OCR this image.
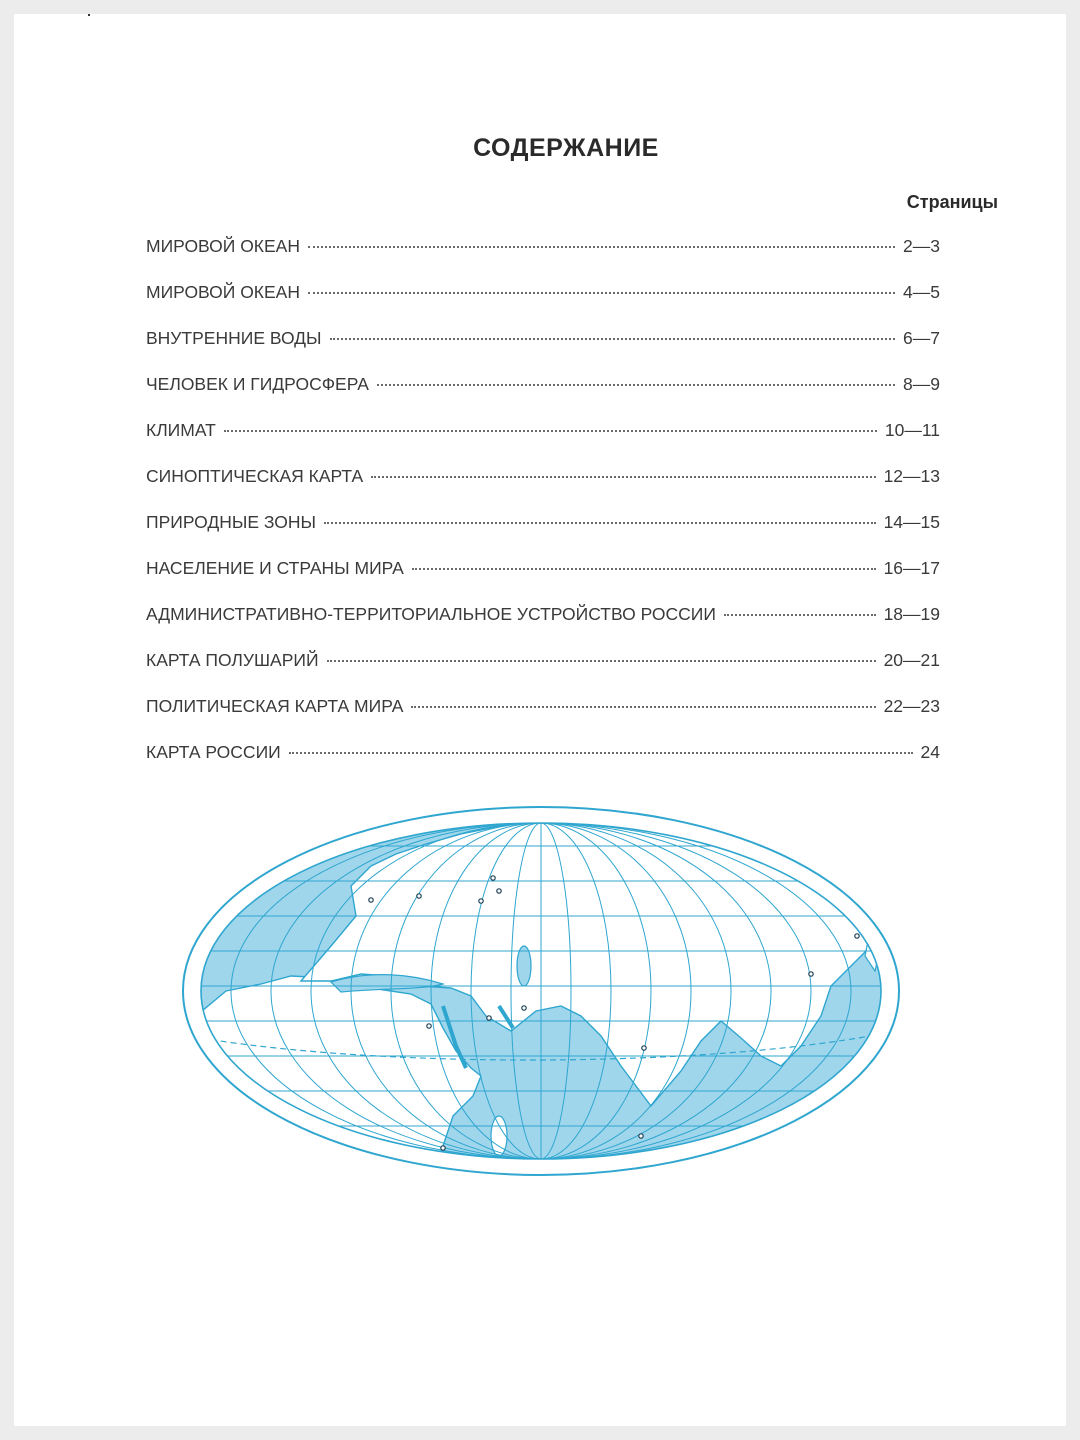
СОДЕРЖАНИЕ
Страницы
МИРОВОЙ ОКЕАН	2—3
МИРОВОЙ ОКЕАН	4—5
ВНУТРЕННИЕ ВОДЫ	6—7
ЧЕЛОВЕК И ГИДРОСФЕРА	8—9
КЛИМАТ	10—11
СИНОПТИЧЕСКАЯ КАРТА	12—13
ПРИРОДНЫЕ ЗОНЫ	14—15
НАСЕЛЕНИЕ И СТРАНЫ МИРА	16—17
АДМИНИСТРАТИВНО-ТЕРРИТОРИАЛЬНОЕ УСТРОЙСТВО РОССИИ	18—19
КАРТА ПОЛУШАРИЙ	20—21
ПОЛИТИЧЕСКАЯ КАРТА МИРА	22—23
КАРТА РОССИИ	24
